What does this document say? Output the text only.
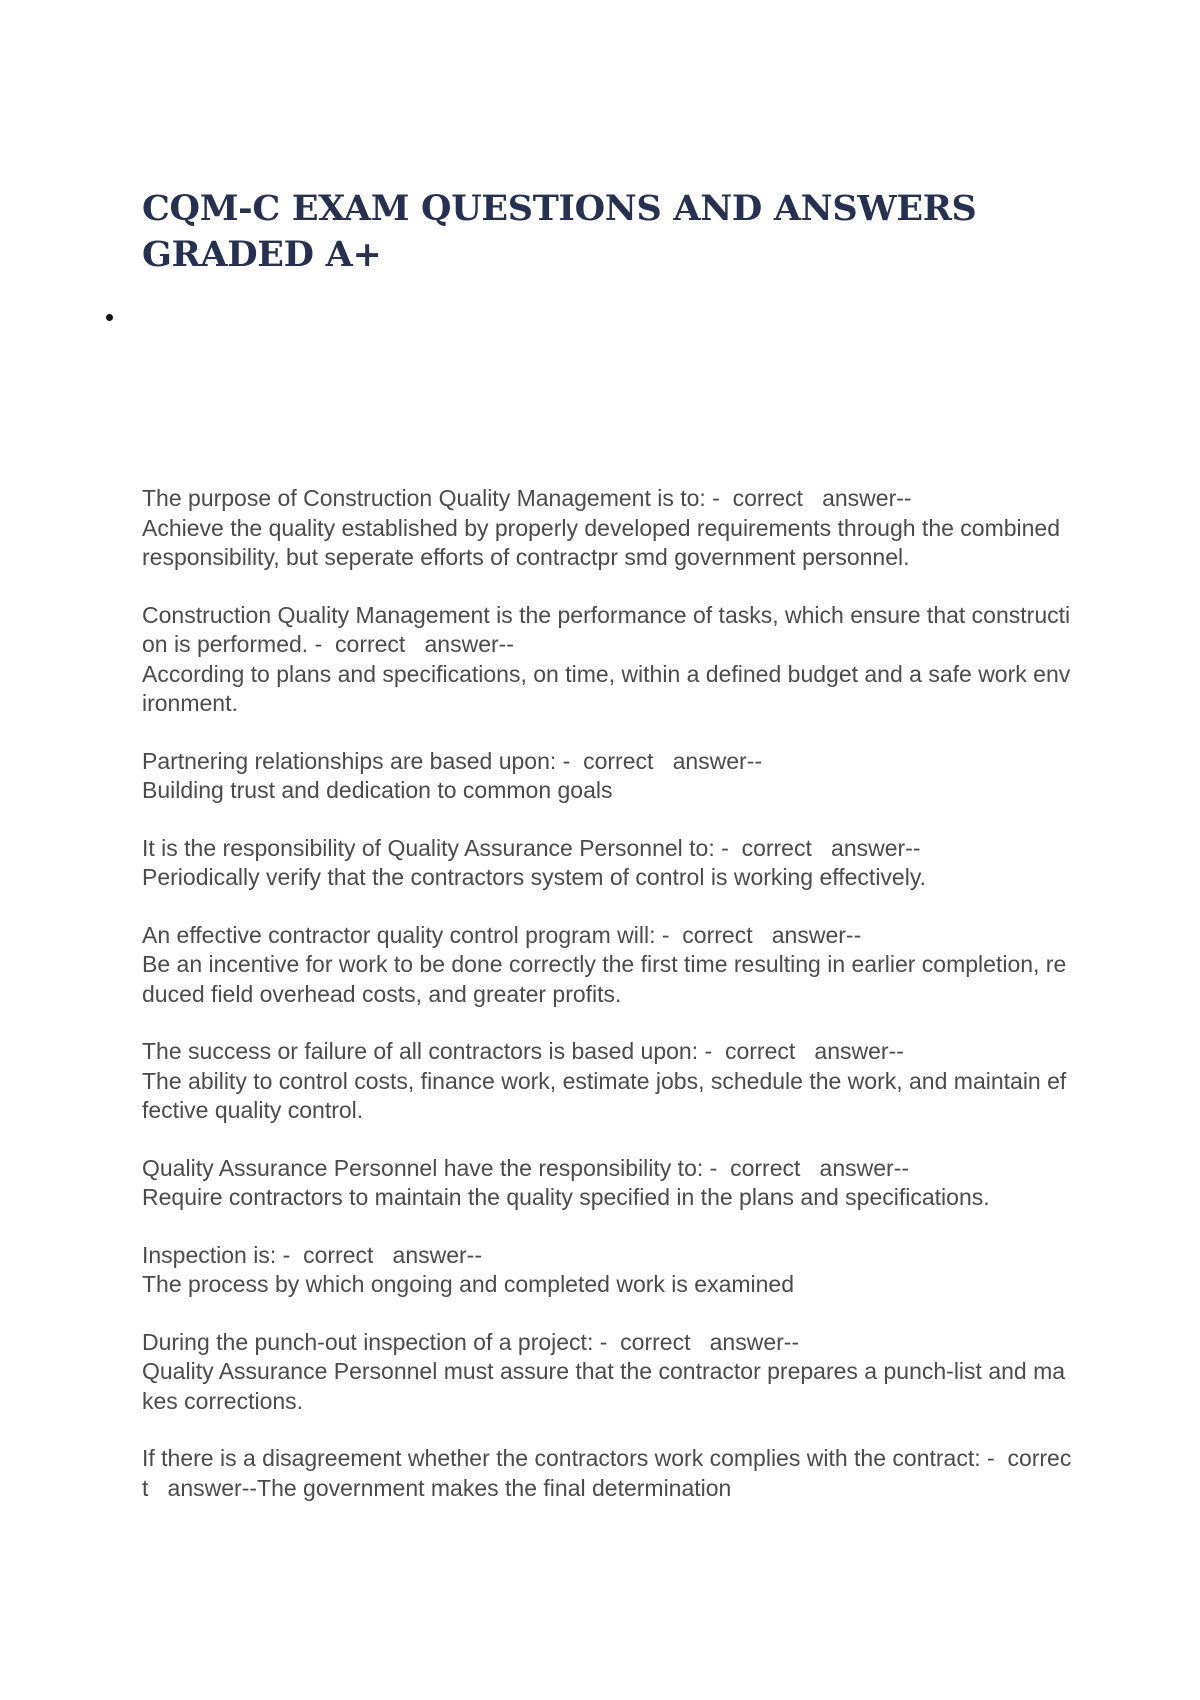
CQM-C EXAM QUESTIONS AND ANSWERS GRADED A+
The purpose of Construction Quality Management is to: -  correct   answer--
Achieve the quality established by properly developed requirements through the combined responsibility, but seperate efforts of contractpr smd government personnel.
Construction Quality Management is the performance of tasks, which ensure that construction is performed. -  correct   answer--
According to plans and specifications, on time, within a defined budget and a safe work environment.
Partnering relationships are based upon: -  correct   answer--
Building trust and dedication to common goals
It is the responsibility of Quality Assurance Personnel to: -  correct   answer--
Periodically verify that the contractors system of control is working effectively.
An effective contractor quality control program will: -  correct   answer--
Be an incentive for work to be done correctly the first time resulting in earlier completion, reduced field overhead costs, and greater profits.
The success or failure of all contractors is based upon: -  correct   answer--
The ability to control costs, finance work, estimate jobs, schedule the work, and maintain effective quality control.
Quality Assurance Personnel have the responsibility to: -  correct   answer--
Require contractors to maintain the quality specified in the plans and specifications.
Inspection is: -  correct   answer--
The process by which ongoing and completed work is examined
During the punch-out inspection of a project: -  correct   answer--
Quality Assurance Personnel must assure that the contractor prepares a punch-list and makes corrections.
If there is a disagreement whether the contractors work complies with the contract: -  correct   answer--The government makes the final determination
